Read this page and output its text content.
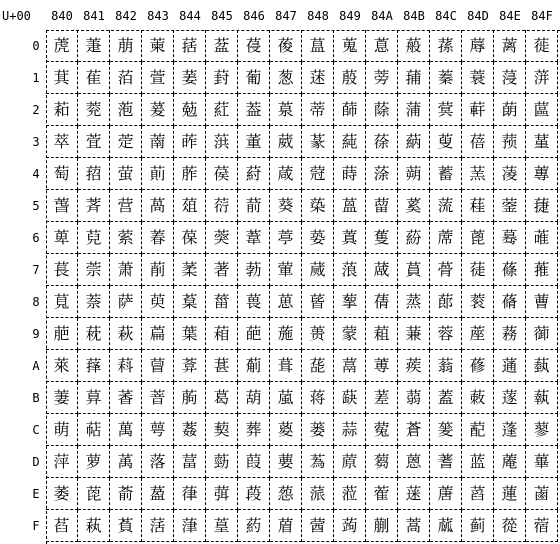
U+00	840 841 842 843 844 845 846 847 848 849 84A 84B 84C 84D 84E 84F
0
1
2
3
4
5
6
7
8
9
A
B
C
D
E
F
萀
萁
萂
萃
萄
萅
萆
萇
萈
萉
萊
萋
萌
萍
萎
萏
萐
萑
萒
萓
萔
萕
萖
萗
萘
萙
萚
萛
萜
萝
萞
萟
萠
萡
萢
萣
萤
营
萦
萧
萨
萩
萪
萫
萬
萭
萮
萯
萰
萱
萲
萳
萴
萵
萶
萷
萸
萹
萺
萻
萼
落
萾
萿
葀
葁
葂
葃
葄
葅
葆
葇
葈
葉
葊
葋
葌
葍
葎
葏
葐
葑
葒
葓
葔
葕
葖
著
葘
葙
葚
葛
葜
葝
葞
葟
葠
葡
葢
董
葤
葥
葦
葧
葨
葩
葪
葫
葬
葭
葮
葯
葰
葱
葲
葳
葴
葵
葶
葷
葸
葹
葺
葻
葼
葽
葾
葿
蒀
蒁
蒂
蒃
蒄
蒅
蒆
蒇
蒈
蒉
蒊
蒋
蒌
蒍
蒎
蒏
蒐
蒑
蒒
蒓
蒔
蒕
蒖
蒗
蒘
蒙
蒚
蒛
蒜
蒝
蒞
蒟
蒠
蒡
蒢
蒣
蒤
蒥
蒦
蒧
蒨
蒩
蒪
蒫
蒬
蒭
蒮
蒯
蒰
蒱
蒲
蒳
蒴
蒵
蒶
蒷
蒸
蒹
蒺
蒻
蒼
蒽
蒾
蒿
蓀
蓁
蓂
蓃
蓄
蓅
蓆
蓇
蓈
蓉
蓊
蓋
蓌
蓍
蓎
蓏
蓐
蓑
蓒
蓓
蓔
蓕
蓖
蓗
蓘
蓙
蓚
蓛
蓜
蓝
蓞
蓟
蓠
蓡
蓢
蓣
蓤
蓥
蓦
蓧
蓨
蓩
蓪
蓫
蓬
蓭
蓮
蓯
蓰
蓱
蓲
蓳
蓴
蓵
蓶
蓷
蓸
蓹
蓺
蓻
蓼
蓽
蓾
蓿
